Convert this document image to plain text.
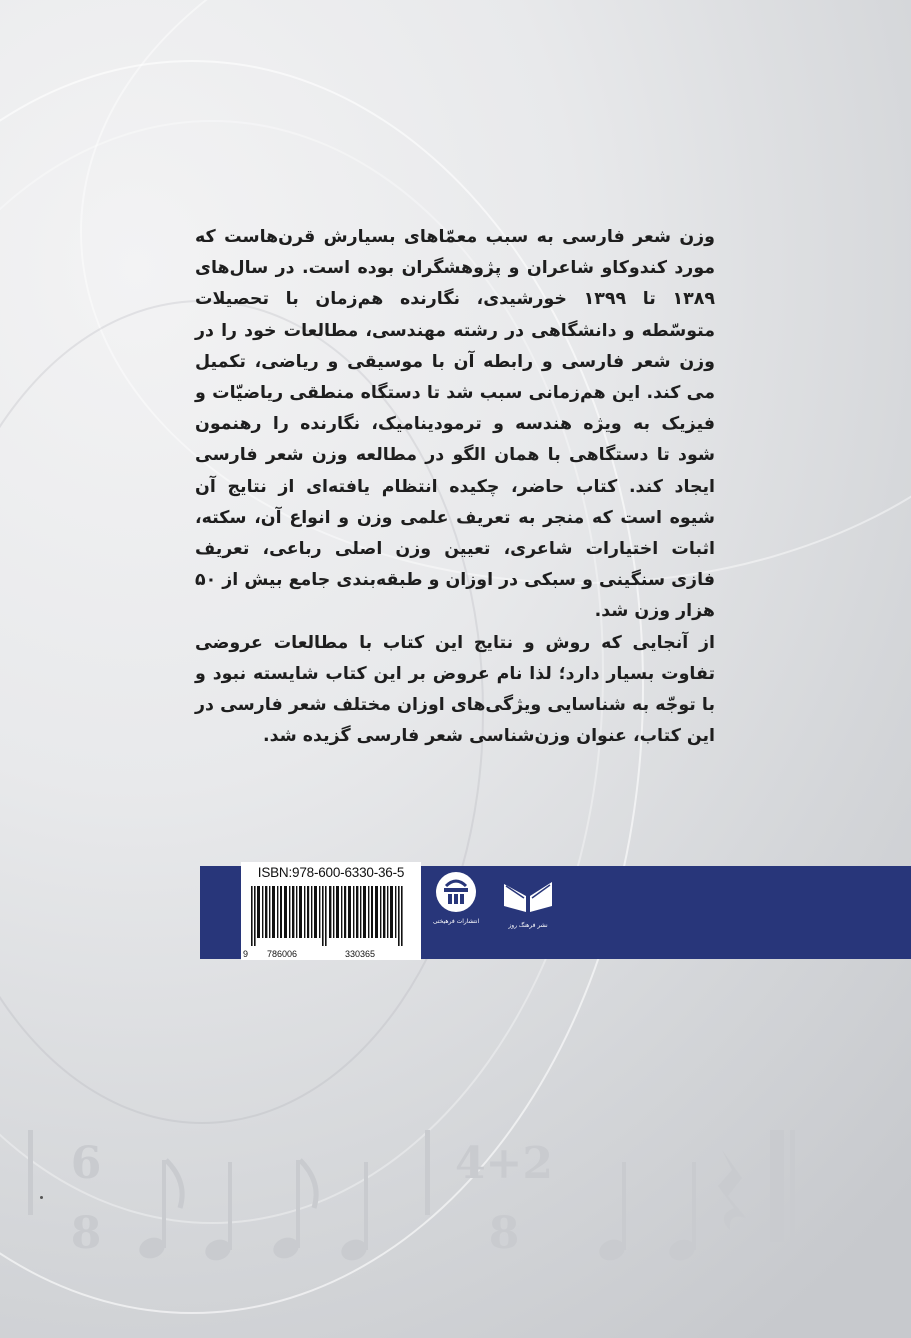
وزن شعر فارسی به سبب معمّاهای بسیارش قرن‌هاست که مورد کندوکاو شاعران و پژوهشگران بوده است. در سال‌های ۱۳۸۹ تا ۱۳۹۹ خورشیدی، نگارنده هم‌زمان با تحصیلات متوسّطه و دانشگاهی در رشته مهندسی، مطالعات خود را در وزن شعر فارسی و رابطه آن با موسیقی و ریاضی، تکمیل می کند. این هم‌زمانی سبب شد تا دستگاه منطقی ریاضیّات و فیزیک به ویژه هندسه و ترمودینامیک، نگارنده را رهنمون شود تا دستگاهی با همان الگو در مطالعه وزن شعر فارسی ایجاد کند. کتاب حاضر، چکیده انتظام یافته‌ای از نتایج آن شیوه است که منجر به تعریف علمی وزن و انواع آن، سکته، اثبات اختیارات شاعری، تعیین وزن اصلی رباعی، تعریف فازی سنگینی و سبکی در اوزان و طبقه‌بندی جامع بیش از ۵۰ هزار وزن شد.

از آنجایی که روش و نتایج این کتاب با مطالعات عروضی تفاوت بسیار دارد؛ لذا نام عروض بر این کتاب شایسته نبود و با توجّه به شناسایی ویژگی‌های اوزان مختلف شعر فارسی در این کتاب، عنوان وزن‌شناسی شعر فارسی گزیده شد.

ISBN:978-600-6330-36-5
9 786006	330365
انتشارات فرهیختی
نشر فرهنگ روز
6
8
4+2
8
